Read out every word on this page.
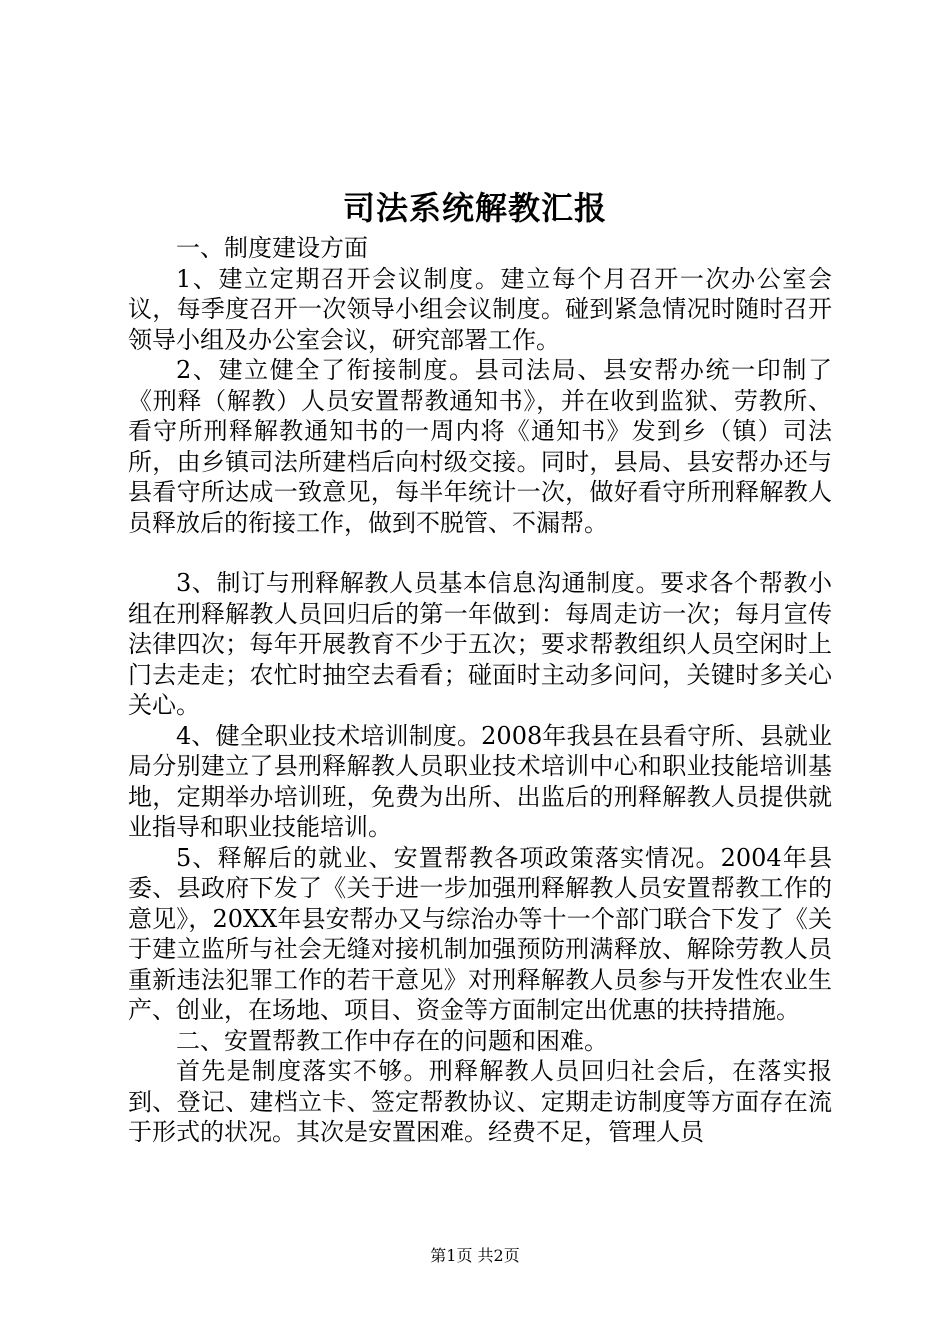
司法系统解教汇报

一、制度建设方面

1、建立定期召开会议制度。建立每个月召开一次办公室会议，每季度召开一次领导小组会议制度。碰到紧急情况时随时召开领导小组及办公室会议，研究部署工作。

2、建立健全了衔接制度。县司法局、县安帮办统一印制了《刑释（解教）人员安置帮教通知书》，并在收到监狱、劳教所、看守所刑释解教通知书的一周内将《通知书》发到乡（镇）司法所，由乡镇司法所建档后向村级交接。同时，县局、县安帮办还与县看守所达成一致意见，每半年统计一次，做好看守所刑释解教人员释放后的衔接工作，做到不脱管、不漏帮。

3、制订与刑释解教人员基本信息沟通制度。要求各个帮教小组在刑释解教人员回归后的第一年做到：每周走访一次；每月宣传法律四次；每年开展教育不少于五次；要求帮教组织人员空闲时上门去走走；农忙时抽空去看看；碰面时主动多问问，关键时多关心关心。

4、健全职业技术培训制度。2008年我县在县看守所、县就业局分别建立了县刑释解教人员职业技术培训中心和职业技能培训基地，定期举办培训班，免费为出所、出监后的刑释解教人员提供就业指导和职业技能培训。

5、释解后的就业、安置帮教各项政策落实情况。2004年县委、县政府下发了《关于进一步加强刑释解教人员安置帮教工作的意见》，20XX年县安帮办又与综治办等十一个部门联合下发了《关于建立监所与社会无缝对接机制加强预防刑满释放、解除劳教人员重新违法犯罪工作的若干意见》对刑释解教人员参与开发性农业生产、创业，在场地、项目、资金等方面制定出优惠的扶持措施。

二、安置帮教工作中存在的问题和困难。

首先是制度落实不够。刑释解教人员回归社会后，在落实报到、登记、建档立卡、签定帮教协议、定期走访制度等方面存在流于形式的状况。其次是安置困难。经费不足，管理人员

第1页 共2页
